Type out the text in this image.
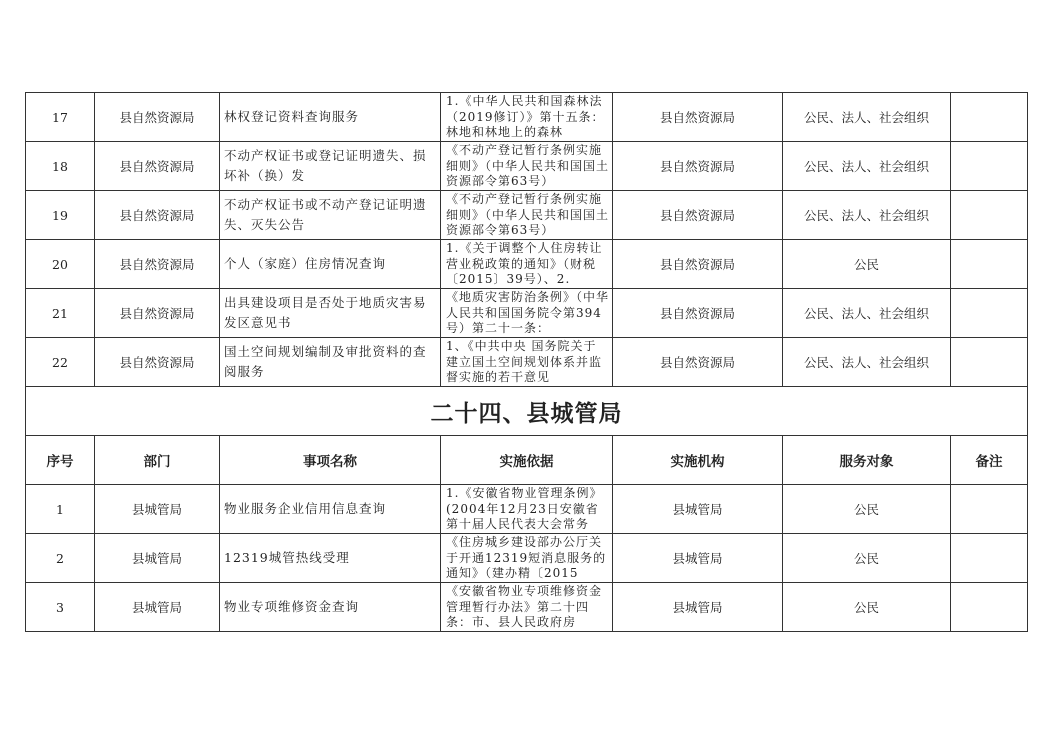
17	县自然资源局	林权登记资料查询服务	1.《中华人民共和国森林法（2019修订）》第十五条：林地和林地上的森林	县自然资源局	公民、法人、社会组织	
18	县自然资源局	不动产权证书或登记证明遗失、损坏补（换）发	《不动产登记暂行条例实施细则》（中华人民共和国国土资源部令第63号）	县自然资源局	公民、法人、社会组织	
19	县自然资源局	不动产权证书或不动产登记证明遗失、灭失公告	《不动产登记暂行条例实施细则》（中华人民共和国国土资源部令第63号）	县自然资源局	公民、法人、社会组织	
20	县自然资源局	个人（家庭）住房情况查询	1.《关于调整个人住房转让营业税政策的通知》（财税〔2015〕39号）、2.	县自然资源局	公民	
21	县自然资源局	出具建设项目是否处于地质灾害易发区意见书	《地质灾害防治条例》（中华人民共和国国务院令第394号）第二十一条：	县自然资源局	公民、法人、社会组织	
22	县自然资源局	国土空间规划编制及审批资料的查阅服务	1、《中共中央 国务院关于建立国土空间规划体系并监督实施的若干意见	县自然资源局	公民、法人、社会组织	
二十四、县城管局						
序号	部门	事项名称	实施依据	实施机构	服务对象	备注
1	县城管局	物业服务企业信用信息查询	1.《安徽省物业管理条例》(2004年12月23日安徽省第十届人民代表大会常务	县城管局	公民	
2	县城管局	12319城管热线受理	《住房城乡建设部办公厅关于开通12319短消息服务的通知》（建办精〔2015	县城管局	公民	
3	县城管局	物业专项维修资金查询	《安徽省物业专项维修资金管理暂行办法》第二十四条：市、县人民政府房	县城管局	公民	
